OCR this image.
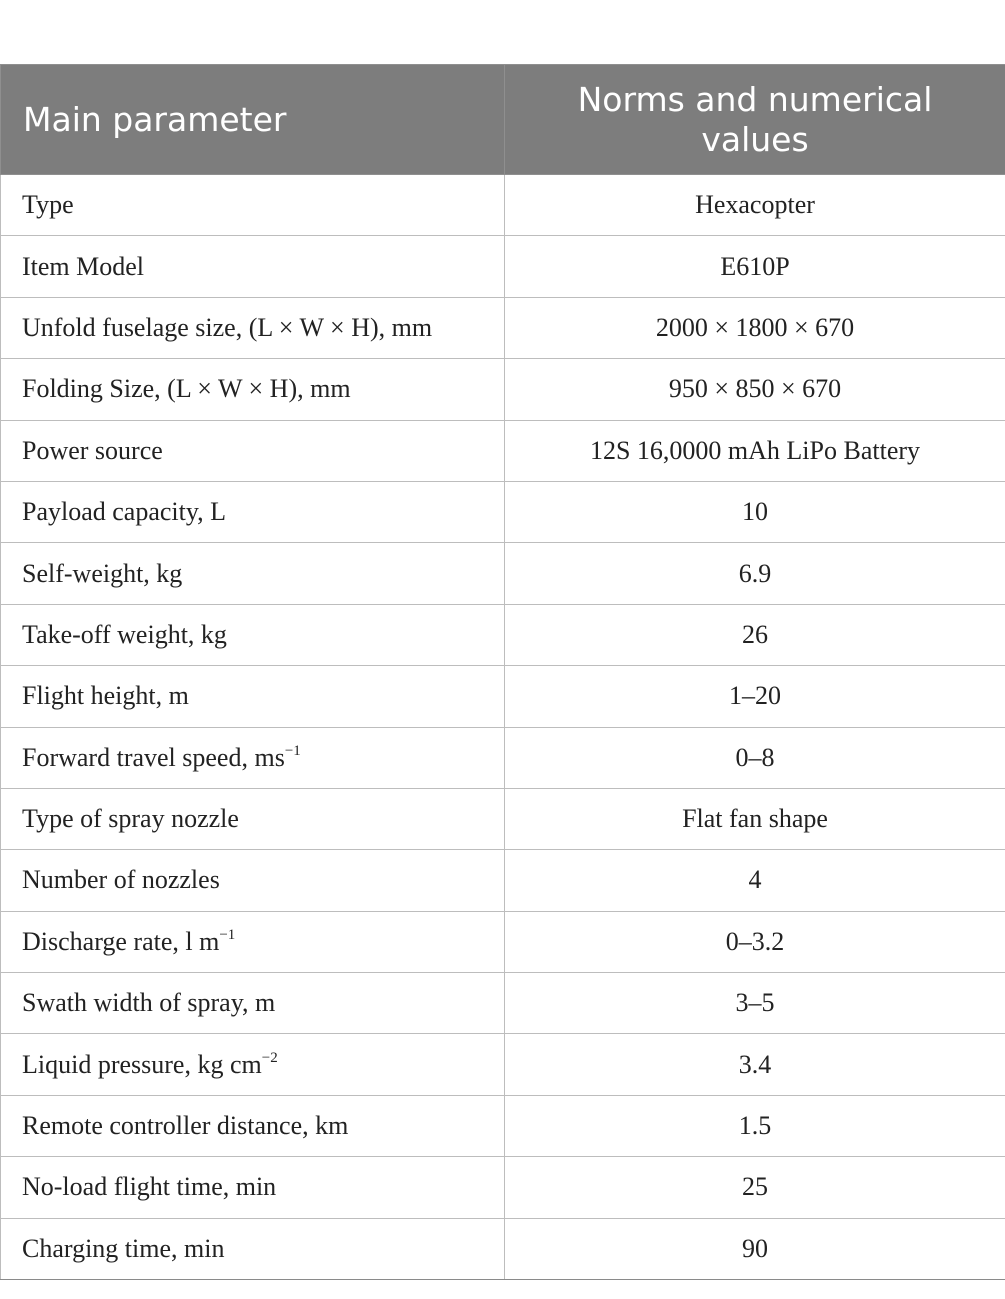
Main parameter	Norms and numerical values
Type	Hexacopter
Item Model	E610P
Unfold fuselage size, (L × W × H), mm	2000 × 1800 × 670
Folding Size, (L × W × H), mm	950 × 850 × 670
Power source	12S 16,0000 mAh LiPo Battery
Payload capacity, L	10
Self-weight, kg	6.9
Take-off weight, kg	26
Flight height, m	1–20
Forward travel speed, $ms^{-1}$	0–8
Type of spray nozzle	Flat fan shape
Number of nozzles	4
Discharge rate, l $m^{-1}$	0–3.2
Swath width of spray, m	3–5
Liquid pressure, kg $cm^{-2}$	3.4
Remote controller distance, km	1.5
No-load flight time, min	25
Charging time, min	90
